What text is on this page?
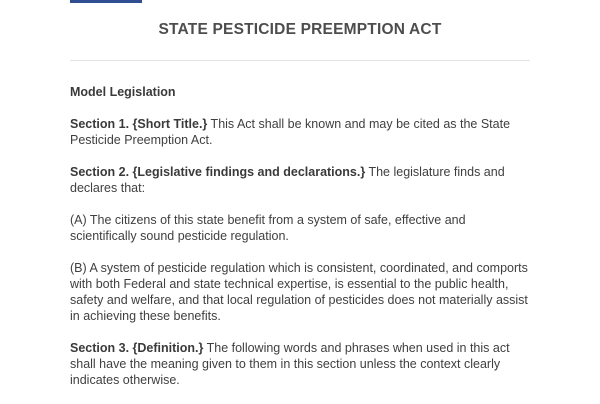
STATE PESTICIDE PREEMPTION ACT

Model Legislation

Section 1. {Short Title.} This Act shall be known and may be cited as the State Pesticide Preemption Act.

Section 2. {Legislative findings and declarations.} The legislature finds and declares that:

(A) The citizens of this state benefit from a system of safe, effective and scientifically sound pesticide regulation.

(B) A system of pesticide regulation which is consistent, coordinated, and comports with both Federal and state technical expertise, is essential to the public health, safety and welfare, and that local regulation of pesticides does not materially assist in achieving these benefits.

Section 3. {Definition.} The following words and phrases when used in this act shall have the meaning given to them in this section unless the context clearly indicates otherwise.
